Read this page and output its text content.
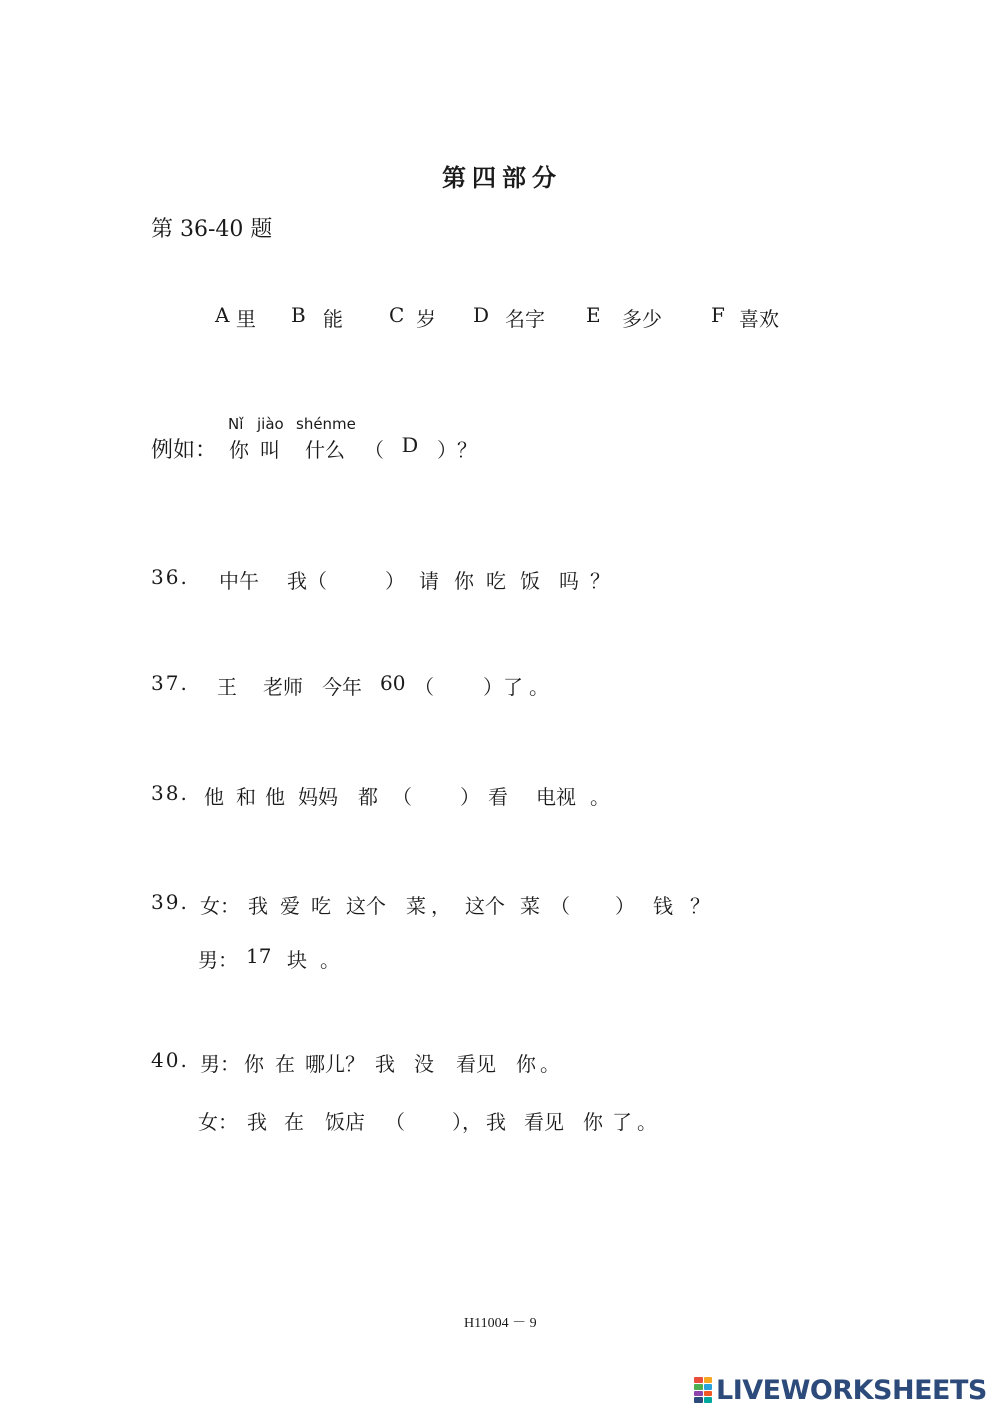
第四部分
第 36-40 题
A 里 B 能 C 岁 D 名字 E 多少 F 喜欢
Nǐ jiào shénme
例如： 你 叫 什么 （ D ）？
36. 中午 我（	） 请 你 吃 饭 吗 ？
37. 王 老师 今年 60 （ ）了 。
38. 他 和 他 妈妈 都 （ ） 看 电视 。
39. 女： 我 爱 吃 这个 菜 ， 这个 菜 （ ） 钱 ？
男： 17 块 。
40. 男： 你 在 哪儿？ 我 没 看见 你 。
女： 我 在 饭店 （ ）， 我 看见 你 了 。
H11004 － 9
LIVEWORKSHEETS
